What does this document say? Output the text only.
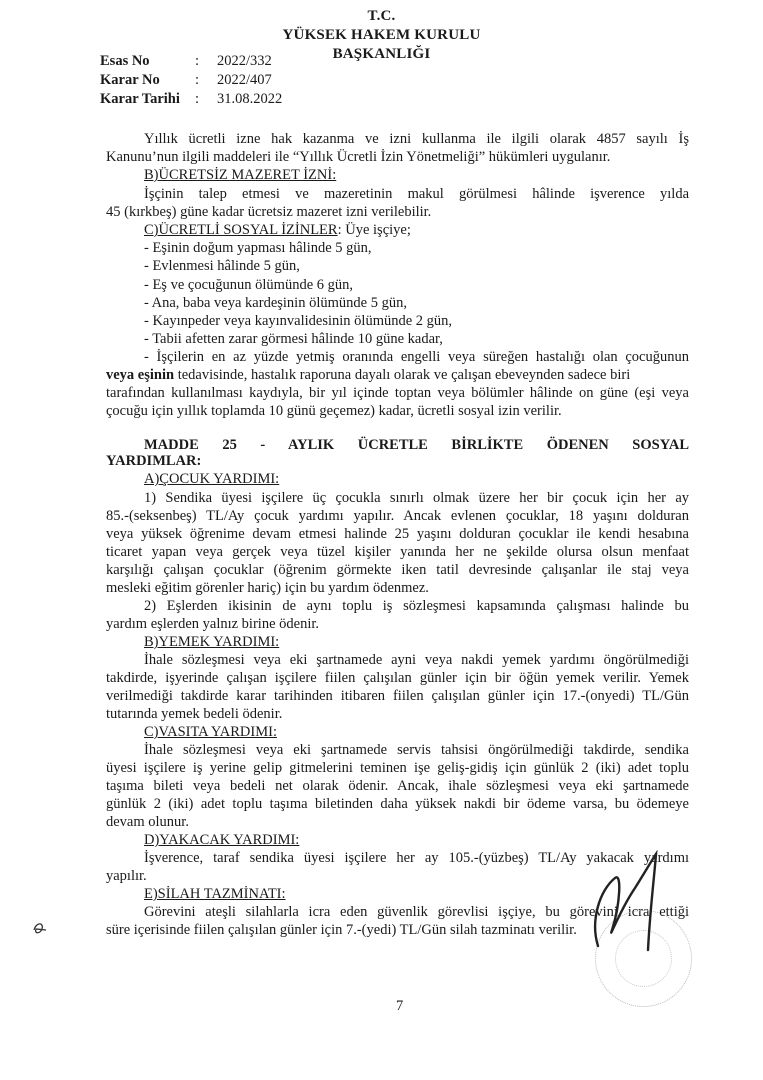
T.C.
YÜKSEK HAKEM KURULU
BAŞKANLIĞI
Esas No	: 2022/332
Karar No : 2022/407
Karar Tarihi : 31.08.2022
Yıllık ücretli izne hak kazanma ve izni kullanma ile ilgili olarak 4857 sayılı İş
Kanunu’nun ilgili maddeleri ile “Yıllık Ücretli İzin Yönetmeliği” hükümleri uygulanır.
B)ÜCRETSİZ MAZERET İZNİ:
İşçinin talep etmesi ve mazeretinin makul görülmesi hâlinde işverence yılda
45 (kırkbeş) güne kadar ücretsiz mazeret izni verilebilir.
C)ÜCRETLİ SOSYAL İZİNLER: Üye işçiye;
- Eşinin doğum yapması hâlinde 5 gün,
- Evlenmesi hâlinde 5 gün,
- Eş ve çocuğunun ölümünde 6 gün,
- Ana, baba veya kardeşinin ölümünde 5 gün,
- Kayınpeder veya kayınvalidesinin ölümünde 2 gün,
- Tabii afetten zarar görmesi hâlinde 10 güne kadar,
- İşçilerin en az yüzde yetmiş oranında engelli veya süreğen hastalığı olan çocuğunun
veya eşinin tedavisinde, hastalık raporuna dayalı olarak ve çalışan ebeveynden sadece biri
tarafından kullanılması kaydıyla, bir yıl içinde toptan veya bölümler hâlinde on güne (eşi veya
çocuğu için yıllık toplamda 10 günü geçemez) kadar, ücretli sosyal izin verilir.
MADDE 25 - AYLIK ÜCRETLE BİRLİKTE ÖDENEN SOSYAL
YARDIMLAR:
A)ÇOCUK YARDIMI:
1) Sendika üyesi işçilere üç çocukla sınırlı olmak üzere her bir çocuk için her ay
85.-(seksenbeş) TL/Ay çocuk yardımı yapılır. Ancak evlenen çocuklar, 18 yaşını dolduran
veya yüksek öğrenime devam etmesi halinde 25 yaşını dolduran çocuklar ile kendi hesabına
ticaret yapan veya gerçek veya tüzel kişiler yanında her ne şekilde olursa olsun menfaat
karşılığı çalışan çocuklar (öğrenim görmekte iken tatil devresinde çalışanlar ile staj veya
mesleki eğitim görenler hariç) için bu yardım ödenmez.
2) Eşlerden ikisinin de aynı toplu iş sözleşmesi kapsamında çalışması halinde bu
yardım eşlerden yalnız birine ödenir.
B)YEMEK YARDIMI:
İhale sözleşmesi veya eki şartnamede ayni veya nakdi yemek yardımı öngörülmediği
takdirde, işyerinde çalışan işçilere fiilen çalışılan günler için bir öğün yemek verilir. Yemek
verilmediği takdirde karar tarihinden itibaren fiilen çalışılan günler için 17.-(onyedi) TL/Gün
tutarında yemek bedeli ödenir.
C)VASITA YARDIMI:
İhale sözleşmesi veya eki şartnamede servis tahsisi öngörülmediği takdirde, sendika
üyesi işçilere iş yerine gelip gitmelerini teminen işe geliş-gidiş için günlük 2 (iki) adet toplu
taşıma bileti veya bedeli net olarak ödenir. Ancak, ihale sözleşmesi veya eki şartnamede
günlük 2 (iki) adet toplu taşıma biletinden daha yüksek nakdi bir ödeme varsa, bu ödemeye
devam olunur.
D)YAKACAK YARDIMI:
İşverence, taraf sendika üyesi işçilere her ay 105.-(yüzbeş) TL/Ay yakacak yardımı
yapılır.
E)SİLAH TAZMİNATI:
Görevini ateşli silahlarla icra eden güvenlik görevlisi işçiye, bu görevini icra ettiği
süre içerisinde fiilen çalışılan günler için 7.-(yedi) TL/Gün silah tazminatı verilir.
7
